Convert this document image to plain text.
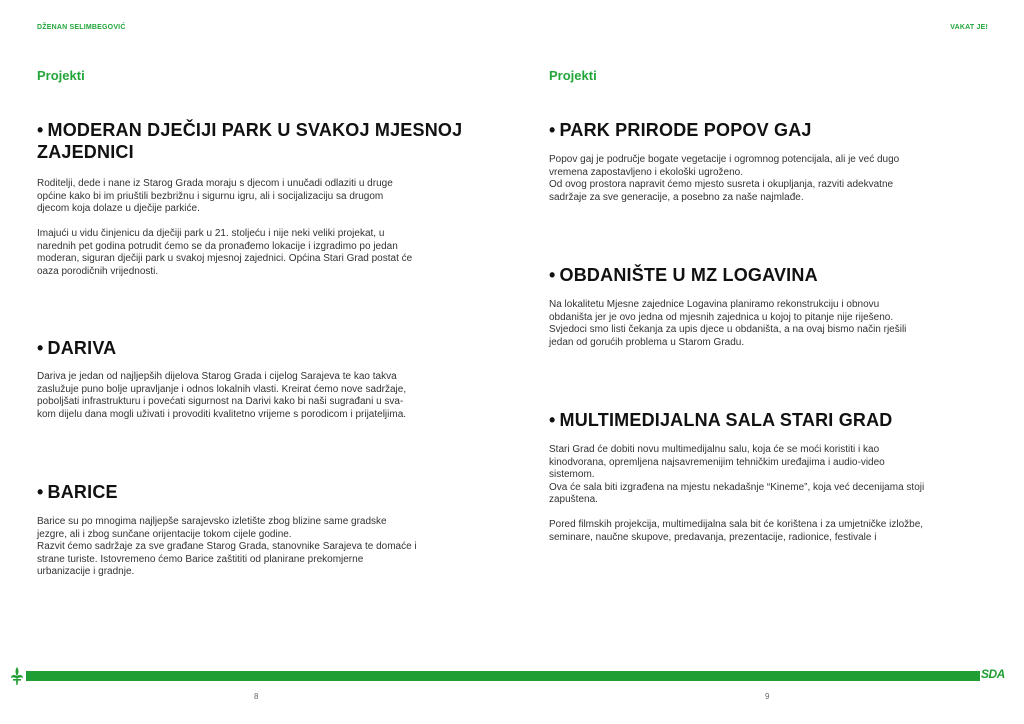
DŽENAN SELIMBEGOVIĆ
Projekti
• MODERAN DJEČIJI PARK U SVAKOJ MJESNOJ ZAJEDNICI

Roditelji, dede i nane iz Starog Grada moraju s djecom i unučadi odlaziti u druge
općine kako bi im priuštili bezbrižnu i sigurnu igru, ali i socijalizaciju sa drugom
djecom koja dolaze u dječije parkiće.

Imajući u vidu činjenicu da dječiji park u 21. stoljeću i nije neki veliki projekat, u
narednih pet godina potrudit ćemo se da pronađemo lokacije i izgradimo po jedan
moderan, siguran dječiji park u svakoj mjesnoj zajednici. Općina Stari Grad postat će
oaza porodičnih vrijednosti.

• DARIVA

Dariva je jedan od najljepših dijelova Starog Grada i cijelog Sarajeva te kao takva
zaslužuje puno bolje upravljanje i odnos lokalnih vlasti. Kreirat ćemo nove sadržaje,
poboljšati infrastrukturu i povećati sigurnost na Darivi kako bi naši sugrađani u sva-
kom dijelu dana mogli uživati i provoditi kvalitetno vrijeme s porodicom i prijateljima.

• BARICE

Barice su po mnogima najljepše sarajevsko izletište zbog blizine same gradske
jezgre, ali i zbog sunčane orijentacije tokom cijele godine.
Razvit ćemo sadržaje za sve građane Starog Grada, stanovnike Sarajeva te domaće i
strane turiste. Istovremeno ćemo Barice zaštititi od planirane prekomjerne
urbanizacije i gradnje.

8
VAKAT JE!
Projekti
• PARK PRIRODE POPOV GAJ

Popov gaj je područje bogate vegetacije i ogromnog potencijala, ali je već dugo
vremena zapostavljeno i ekološki ugroženo.
Od ovog prostora napravit ćemo mjesto susreta i okupljanja, razviti adekvatne
sadržaje za sve generacije, a posebno za naše najmlađe.

• OBDANIŠTE U MZ LOGAVINA

Na lokalitetu Mjesne zajednice Logavina planiramo rekonstrukciju i obnovu
obdaništa jer je ovo jedna od mjesnih zajednica u kojoj to pitanje nije riješeno.
Svjedoci smo listi čekanja za upis djece u obdaništa, a na ovaj bismo način rješili
jedan od gorućih problema u Starom Gradu.

• MULTIMEDIJALNA SALA STARI GRAD

Stari Grad će dobiti novu multimedijalnu salu, koja će se moći koristiti i kao
kinodvorana, opremljena najsavremenijim tehničkim uređajima i audio-video
sistemom.
Ova će sala biti izgrađena na mjestu nekadašnje “Kineme”, koja već decenijama stoji
zapuštena.

Pored filmskih projekcija, multimedijalna sala bit će korištena i za umjetničke izložbe,
seminare, naučne skupove, predavanja, prezentacije, radionice, festivale i

9
SDA
